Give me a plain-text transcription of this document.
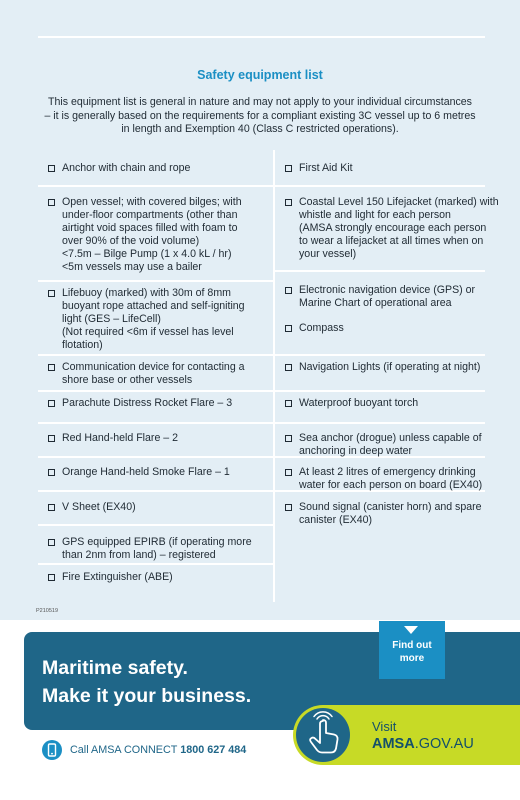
Safety equipment list
This equipment list is general in nature and may not apply to your individual circumstances – it is generally based on the requirements for a compliant existing 3C vessel up to 6 metres in length and Exemption 40 (Class C restricted operations).
Anchor with chain and rope
Open vessel; with covered bilges; with
under-floor compartments (other than
airtight void spaces filled with foam to
over 90% of the void volume)
<7.5m – Bilge Pump (1 x 4.0 kL / hr)
<5m vessels may use a bailer
Lifebuoy (marked) with 30m of 8mm
buoyant rope attached and self-igniting
light (GES – LifeCell)
(Not required <6m if vessel has level
flotation)
Communication device for contacting a
shore base or other vessels
Parachute Distress Rocket Flare – 3
Red Hand-held Flare – 2
Orange Hand-held Smoke Flare – 1
V Sheet (EX40)
GPS equipped EPIRB (if operating more
than 2nm from land) – registered
Fire Extinguisher (ABE)
First Aid Kit
Coastal Level 150 Lifejacket (marked) with
whistle and light for each person
(AMSA strongly encourage each person
to wear a lifejacket at all times when on
your vessel)
Electronic navigation device (GPS) or
Marine Chart of operational area
Compass
Navigation Lights (if operating at night)
Waterproof buoyant torch
Sea anchor (drogue) unless capable of
anchoring in deep water
At least 2 litres of emergency drinking
water for each person on board (EX40)
Sound signal (canister horn) and spare
canister (EX40)
P210519
Maritime safety.
Make it your business.
Find out
more
Visit
AMSA.GOV.AU
Call AMSA CONNECT 1800 627 484
